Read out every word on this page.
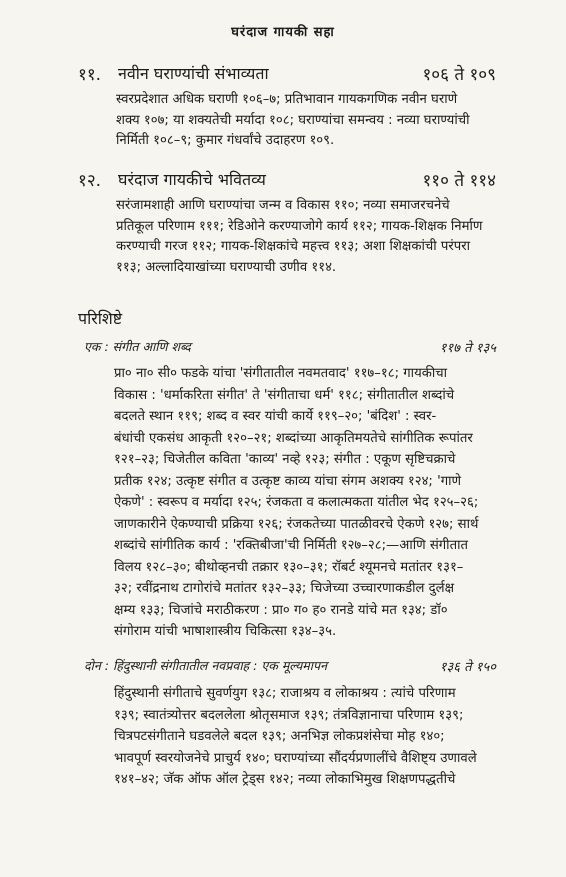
घरंदाज गायकी सहा
११. नवीन घराण्यांची संभाव्यता	१०६ ते १०९
स्वरप्रदेशात अधिक घराणी १०६–७; प्रतिभावान गायकगणिक नवीन घराणे
शक्य १०७; या शक्यतेची मर्यादा १०८; घराण्यांचा समन्वय : नव्या घराण्यांची
निर्मिती १०८–९; कुमार गंधर्वांचे उदाहरण १०९.
१२. घरंदाज गायकीचे भवितव्य	११० ते ११४
सरंजामशाही आणि घराण्यांचा जन्म व विकास ११०; नव्या समाजरचनेचे
प्रतिकूल परिणाम १११; रेडिओने करण्याजोगे कार्य ११२; गायक-शिक्षक निर्माण
करण्याची गरज ११२; गायक-शिक्षकांचे महत्त्व ११३; अशा शिक्षकांची परंपरा
११३; अल्लादियाखांच्या घराण्याची उणीव ११४.
परिशिष्टे
एक : संगीत आणि शब्द	११७ ते १३५
प्रा० ना० सी० फडके यांचा 'संगीतातील नवमतवाद' ११७–१८; गायकीचा
विकास : 'धर्माकरिता संगीत' ते 'संगीताचा धर्म' ११८; संगीतातील शब्दांचे
बदलते स्थान ११९; शब्द व स्वर यांची कार्ये ११९–२०; 'बंदिश' : स्वर-
बंधांची एकसंध आकृती १२०–२१; शब्दांच्या आकृतिमयतेचे सांगीतिक रूपांतर
१२१–२३; चिजेतील कविता 'काव्य' नव्हे १२३; संगीत : एकूण सृष्टिचक्राचे
प्रतीक १२४; उत्कृष्ट संगीत व उत्कृष्ट काव्य यांचा संगम अशक्य १२४; 'गाणे
ऐकणे' : स्वरूप व मर्यादा १२५; रंजकता व कलात्मकता यांतील भेद १२५–२६;
जाणकारीने ऐकण्याची प्रक्रिया १२६; रंजकतेच्या पातळीवरचे ऐकणे १२७; सार्थ
शब्दांचे सांगीतिक कार्य : 'रक्तिबीजा'ची निर्मिती १२७–२८;—आणि संगीतात
विलय १२८–३०; बीथोव्हनची तक्रार १३०–३१; रॉबर्ट श्यूमनचे मतांतर १३१–
३२; रवींद्रनाथ टागोरांचे मतांतर १३२–३३; चिजेच्या उच्चारणाकडील दुर्लक्ष
क्षम्य १३३; चिजांचे मराठीकरण : प्रा० ग० ह० रानडे यांचे मत १३४; डॉ०
संगोराम यांची भाषाशास्त्रीय चिकित्सा १३४–३५.
दोन : हिंदुस्थानी संगीतातील नवप्रवाह : एक मूल्यमापन	१३६ ते १५०
हिंदुस्थानी संगीताचे सुवर्णयुग १३८; राजाश्रय व लोकाश्रय : त्यांचे परिणाम
१३९; स्वातंत्र्योत्तर बदललेला श्रोतृसमाज १३९; तंत्रविज्ञानाचा परिणाम १३९;
चित्रपटसंगीताने घडवलेले बदल १३९; अनभिज्ञ लोकप्रशंसेचा मोह १४०;
भावपूर्ण स्वरयोजनेचे प्राचुर्य १४०; घराण्यांच्या सौंदर्यप्रणालींचे वैशिष्ट्य उणावले
१४१–४२; जॅक ऑफ ऑल ट्रेड्स १४२; नव्या लोकाभिमुख शिक्षणपद्धतीचे
